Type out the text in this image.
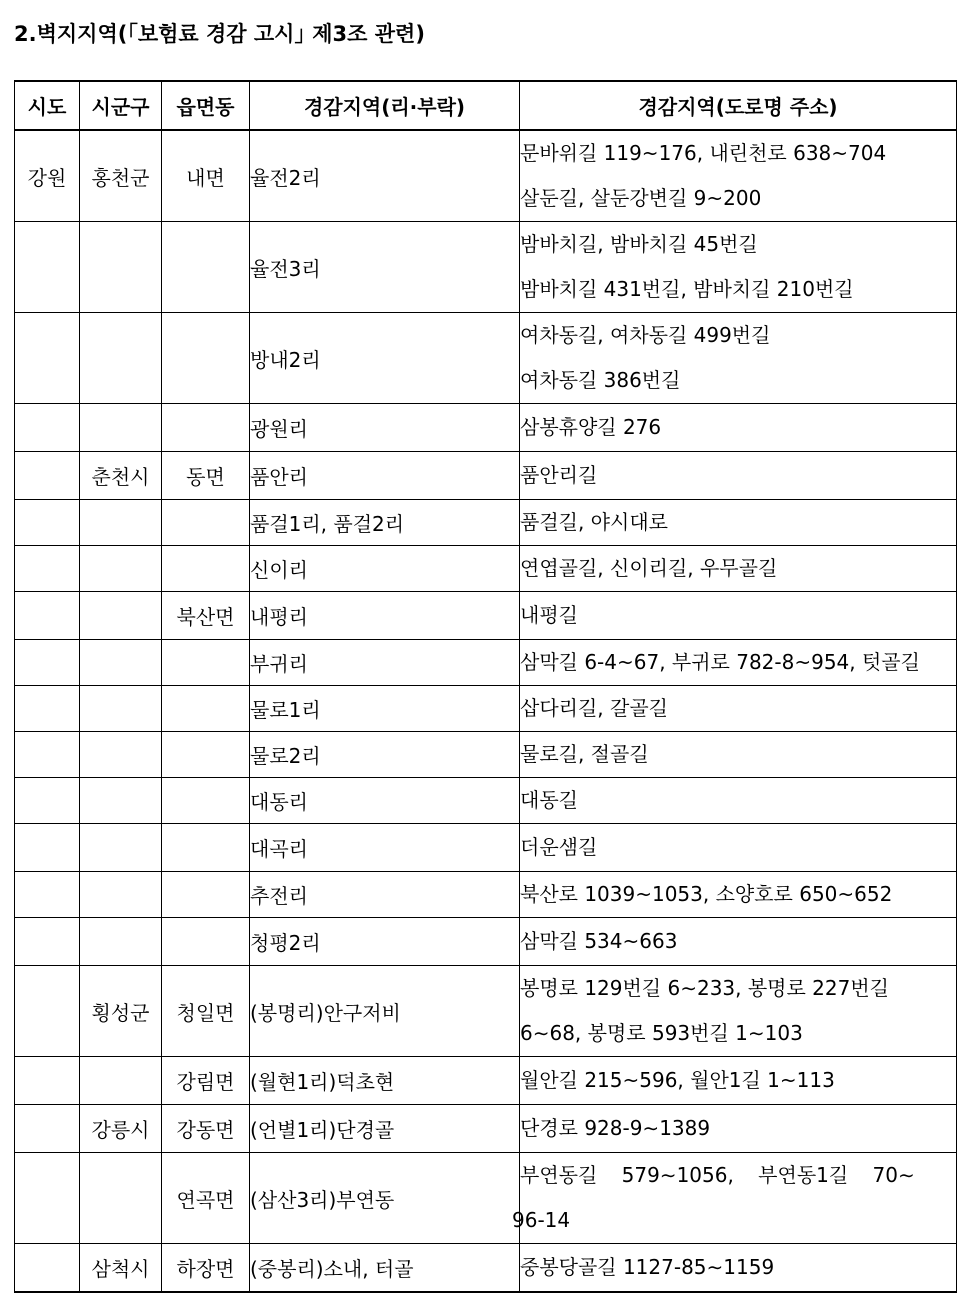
2.벽지지역(｢보험료 경감 고시｣ 제3조 관련)
시도	시군구	읍면동	경감지역(리·부락)	경감지역(도로명 주소)
강원	홍천군	내면	율전2리	문바위길 119~176, 내린천로 638~704
살둔길, 살둔강변길 9~200

			율전3리	밤바치길, 밤바치길 45번길
밤바치길 431번길, 밤바치길 210번길

			방내2리	여차동길, 여차동길 499번길
여차동길 386번길

			광원리	삼봉휴양길 276

	춘천시	동면	품안리	품안리길

			품걸1리, 품걸2리	품걸길, 야시대로

			신이리	연엽골길, 신이리길, 우무골길

		북산면	내평리	내평길

			부귀리	삼막길 6-4~67, 부귀로 782-8~954, 텃골길

			물로1리	삽다리길, 갈골길

			물로2리	물로길, 절골길

			대동리	대동길

			대곡리	더운샘길

			추전리	북산로 1039~1053, 소양호로 650~652

			청평2리	삼막길 534~663

	횡성군	청일면	(봉명리)안구저비	봉명로 129번길 6∼233, 봉명로 227번길
6∼68, 봉명로 593번길 1∼103

		강림면	(월현1리)덕초현	월안길 215~596, 월안1길 1~113

	강릉시	강동면	(언별1리)단경골	단경로 928-9∼1389

		연곡면	(삼산3리)부연동	부연동길 579∼1056, 부연동1길 70∼
96-14

	삼척시	하장면	(중봉리)소내, 터골	중봉당골길 1127-85∼1159
